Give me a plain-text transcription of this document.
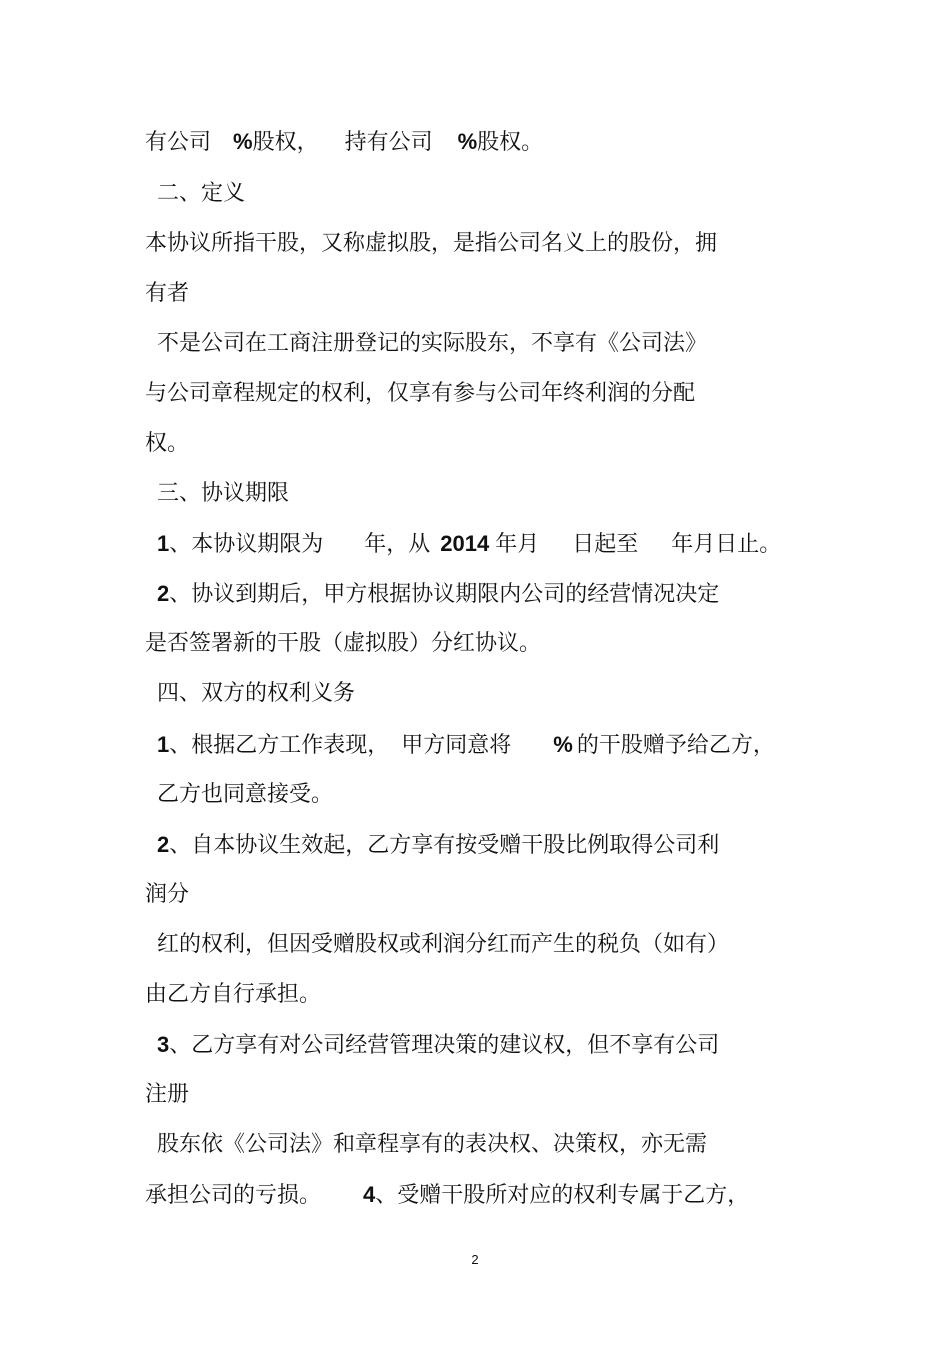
有公司 %股权， 持有公司 %股权。
二、定义
本协议所指干股，又称虚拟股，是指公司名义上的股份，拥
有者
不是公司在工商注册登记的实际股东，不享有《公司法》
与公司章程规定的权利，仅享有参与公司年终利润的分配
权。
三、协议期限
1、本协议期限为 年，从 2014 年月 日起至 年月日止。
2、协议到期后，甲方根据协议期限内公司的经营情况决定
是否签署新的干股（虚拟股）分红协议。
四、双方的权利义务
1、根据乙方工作表现， 甲方同意将 % 的干股赠予给乙方，
乙方也同意接受。
2、自本协议生效起，乙方享有按受赠干股比例取得公司利
润分
红的权利，但因受赠股权或利润分红而产生的税负（如有）
由乙方自行承担。
3、乙方享有对公司经营管理决策的建议权，但不享有公司
注册
股东依《公司法》和章程享有的表决权、决策权，亦无需
承担公司的亏损。 4、受赠干股所对应的权利专属于乙方，
2
